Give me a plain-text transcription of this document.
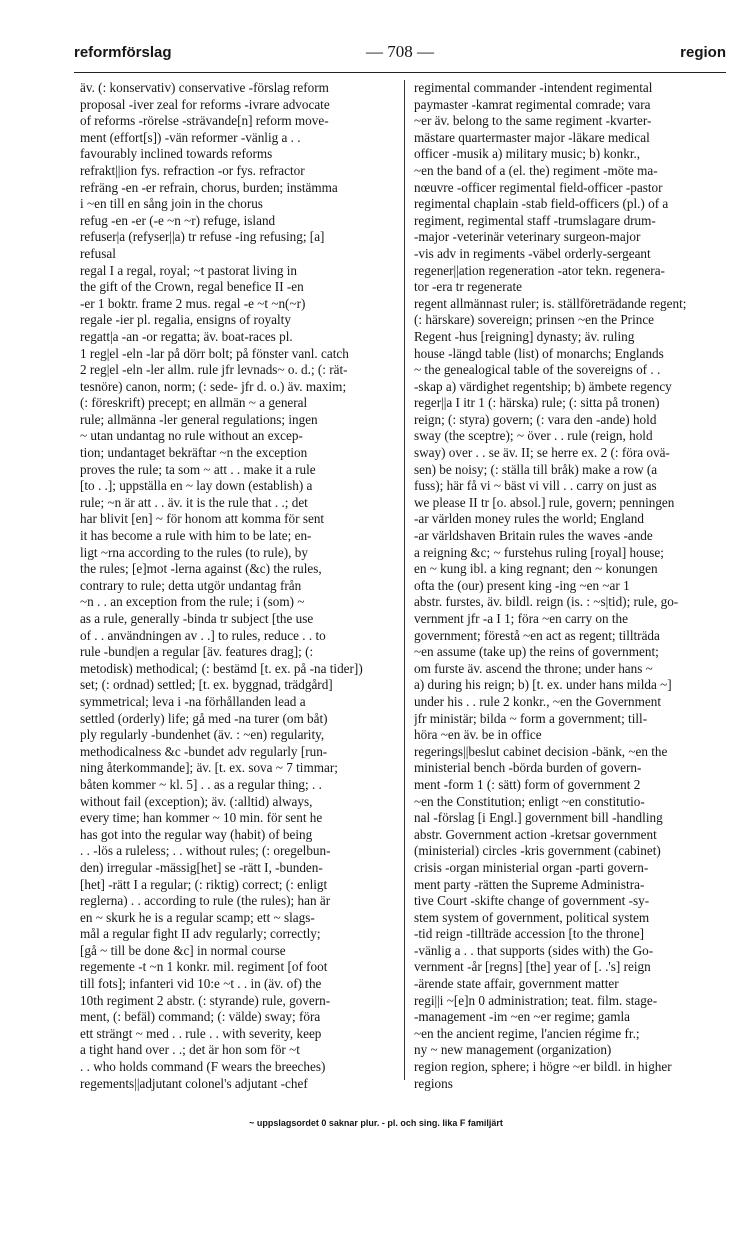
reformförslag	— 708 —	region
äv. (: konservativ) conservative -förslag reform
proposal -iver zeal for reforms -ivrare advocate
of reforms -rörelse -strävande[n] reform move-
ment (effort[s]) -vän reformer -vänlig a . .
favourably inclined towards reforms
refrakt||ion fys. refraction -or fys. refractor
refräng -en -er refrain, chorus, burden; instämma
i ~en till en sång join in the chorus
refug -en -er (-e ~n ~r) refuge, island
refuser|a (refyser||a) tr refuse -ing refusing; [a]
refusal
regal I a regal, royal; ~t pastorat living in
the gift of the Crown, regal benefice II -en
-er 1 boktr. frame 2 mus. regal -e ~t ~n(~r)
regale -ier pl. regalia, ensigns of royalty
regatt|a -an -or regatta; äv. boat-races pl.
1 reg|el -eln -lar på dörr bolt; på fönster vanl. catch
2 reg|el -eln -ler allm. rule jfr levnads~ o. d.; (: rät-
tesnöre) canon, norm; (: sede- jfr d. o.) äv. maxim;
(: föreskrift) precept; en allmän ~ a general
rule; allmänna -ler general regulations; ingen
~ utan undantag no rule without an excep-
tion; undantaget bekräftar ~n the exception
proves the rule; ta som ~ att . . make it a rule
[to . .]; uppställa en ~ lay down (establish) a
rule; ~n är att . . äv. it is the rule that . .; det
har blivit [en] ~ för honom att komma för sent
it has become a rule with him to be late; en-
ligt ~rna according to the rules (to rule), by
the rules; [e]mot -lerna against (&c) the rules,
contrary to rule; detta utgör undantag från
~n . . an exception from the rule; i (som) ~
as a rule, generally -binda tr subject [the use
of . . användningen av . .] to rules, reduce . . to
rule -bund|en a regular [äv. features drag]; (:
metodisk) methodical; (: bestämd [t. ex. på -na tider])
set; (: ordnad) settled; [t. ex. byggnad, trädgård]
symmetrical; leva i -na förhållanden lead a
settled (orderly) life; gå med -na turer (om båt)
ply regularly -bundenhet (äv. : ~en) regularity,
methodicalness &c -bundet adv regularly [run-
ning återkommande]; äv. [t. ex. sova ~ 7 timmar;
båten kommer ~ kl. 5] . . as a regular thing; . .
without fail (exception); äv. (:alltid) always,
every time; han kommer ~ 10 min. för sent he
has got into the regular way (habit) of being
. . -lös a ruleless; . . without rules; (: oregelbun-
den) irregular -mässig[het] se -rätt I, -bunden-
[het] -rätt I a regular; (: riktig) correct; (: enligt
reglerna) . . according to rule (the rules); han är
en ~ skurk he is a regular scamp; ett ~ slags-
mål a regular fight II adv regularly; correctly;
[gå ~ till be done &c] in normal course
regemente -t ~n 1 konkr. mil. regiment [of foot
till fots]; infanteri vid 10:e ~t . . in (äv. of) the
10th regiment 2 abstr. (: styrande) rule, govern-
ment, (: befäl) command; (: välde) sway; föra
ett strängt ~ med . . rule . . with severity, keep
a tight hand over . .; det är hon som för ~t
. . who holds command (F wears the breeches)
regements||adjutant colonel's adjutant -chef
regimental commander -intendent regimental
paymaster -kamrat regimental comrade; vara
~er äv. belong to the same regiment -kvarter-
mästare quartermaster major -läkare medical
officer -musik a) military music; b) konkr.,
~en the band of a (el. the) regiment -möte ma-
nœuvre -officer regimental field-officer -pastor
regimental chaplain -stab field-officers (pl.) of a
regiment, regimental staff -trumslagare drum-
-major -veterinär veterinary surgeon-major
-vis adv in regiments -väbel orderly-sergeant
regener||ation regeneration -ator tekn. regenera-
tor -era tr regenerate
regent allmännast ruler; is. ställföreträdande regent;
(: härskare) sovereign; prinsen ~en the Prince
Regent -hus [reigning] dynasty; äv. ruling
house -längd table (list) of monarchs; Englands
~ the genealogical table of the sovereigns of . .
-skap a) värdighet regentship; b) ämbete regency
reger||a I itr 1 (: härska) rule; (: sitta på tronen)
reign; (: styra) govern; (: vara den -ande) hold
sway (the sceptre); ~ över . . rule (reign, hold
sway) over . . se äv. II; se herre ex. 2 (: föra ovä-
sen) be noisy; (: ställa till bråk) make a row (a
fuss); här få vi ~ bäst vi vill . . carry on just as
we please II tr [o. absol.] rule, govern; penningen
-ar världen money rules the world; England
-ar världshaven Britain rules the waves -ande
a reigning &c; ~ furstehus ruling [royal] house;
en ~ kung ibl. a king regnant; den ~ konungen
ofta the (our) present king -ing ~en ~ar 1
abstr. furstes, äv. bildl. reign (is. : ~s|tid); rule, go-
vernment jfr -a I 1; föra ~en carry on the
government; förestå ~en act as regent; tillträda
~en assume (take up) the reins of government;
om furste äv. ascend the throne; under hans ~
a) during his reign; b) [t. ex. under hans milda ~]
under his . . rule 2 konkr., ~en the Government
jfr ministär; bilda ~ form a government; till-
höra ~en äv. be in office
regerings||beslut cabinet decision -bänk, ~en the
ministerial bench -börda burden of govern-
ment -form 1 (: sätt) form of government 2
~en the Constitution; enligt ~en constitutio-
nal -förslag [i Engl.] government bill -handling
abstr. Government action -kretsar government
(ministerial) circles -kris government (cabinet)
crisis -organ ministerial organ -parti govern-
ment party -rätten the Supreme Administra-
tive Court -skifte change of government -sy-
stem system of government, political system
-tid reign -tillträde accession [to the throne]
-vänlig a . . that supports (sides with) the Go-
vernment -år [regns] [the] year of [. .'s] reign
-ärende state affair, government matter
regi||i ~[e]n 0 administration; teat. film. stage-
-management -im ~en ~er regime; gamla
~en the ancient regime, l'ancien régime fr.;
ny ~ new management (organization)
region region, sphere; i högre ~er bildl. in higher
regions
~ uppslagsordet 0 saknar plur. - pl. och sing. lika F familjärt
